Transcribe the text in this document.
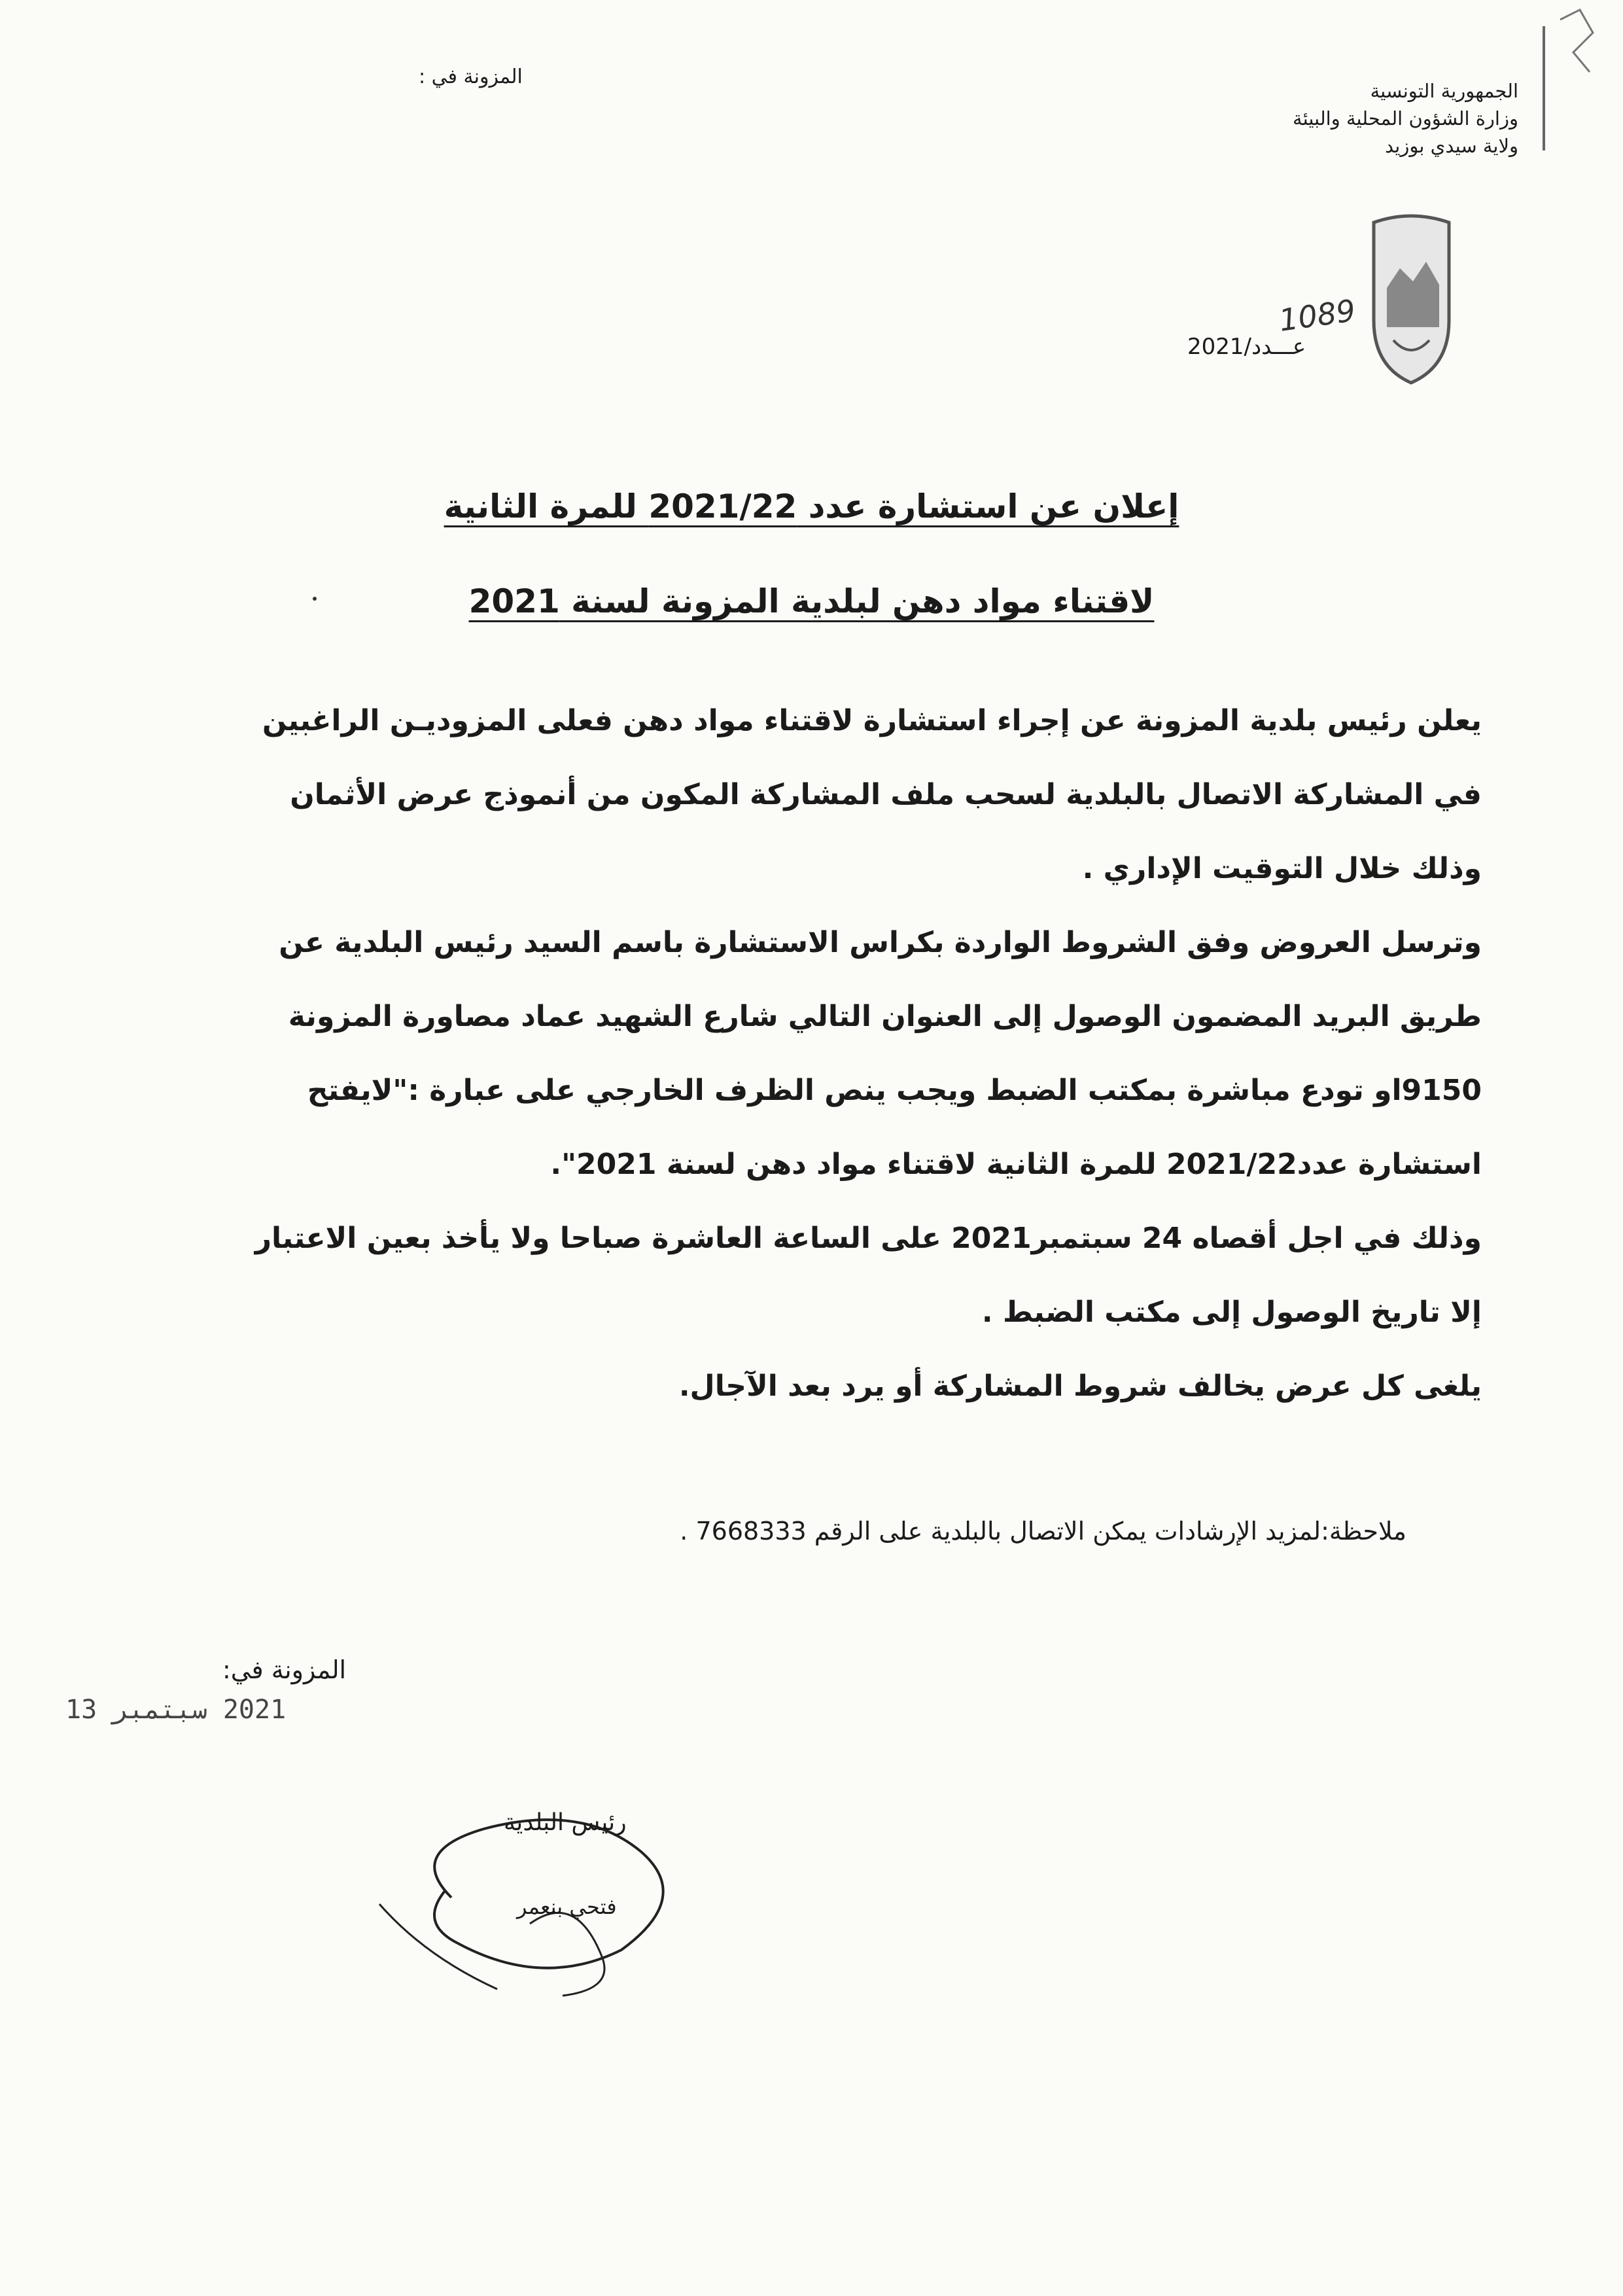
المزونة في :
الجمهورية التونسية
وزارة الشؤون المحلية والبيئة
ولاية سيدي بوزيد
1089
عـــدد/2021
إعلان عن استشارة عدد 2021/22 للمرة الثانية
لاقتناء مواد دهن لبلدية المزونة لسنة 2021

يعلن رئيس بلدية المزونة عن إجراء استشارة لاقتناء مواد دهن فعلى المزوديـن الراغبين في المشاركة الاتصال بالبلدية لسحب ملف المشاركة المكون من أنموذج عرض الأثمان وذلك خلال التوقيت الإداري .

وترسل العروض وفق الشروط الواردة بكراس الاستشارة باسم السيد رئيس البلدية عن طريق البريد المضمون الوصول إلى العنوان التالي شارع الشهيد عماد مصاورة المزونة 9150او تودع مباشرة بمكتب الضبط ويجب ينص الظرف الخارجي على عبارة :"لايفتح استشارة عدد2021/22 للمرة الثانية لاقتناء مواد دهن لسنة 2021".

وذلك في اجل أقصاه 24 سبتمبر2021 على الساعة العاشرة صباحا ولا يأخذ بعين الاعتبار إلا تاريخ الوصول إلى مكتب الضبط .

يلغى كل عرض يخالف شروط المشاركة أو يرد بعد الآجال.

ملاحظة:لمزيد الإرشادات يمكن الاتصال بالبلدية على الرقم 7668333 .
المزونة في:
2021 سبتمبر 13
رئيس البلدية
فتحي بنعمر
